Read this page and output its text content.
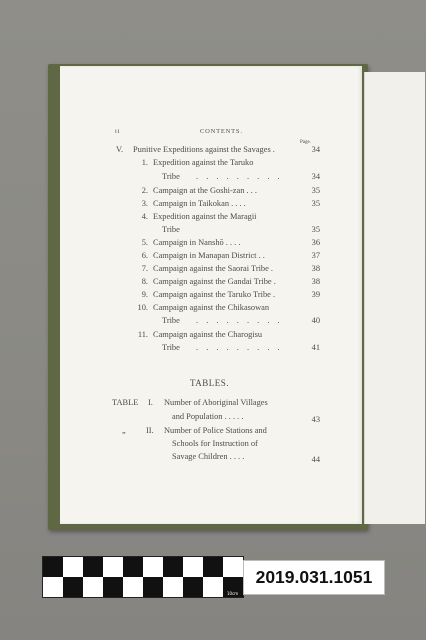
ii	CONTENTS.
Page.
V. Punitive Expeditions against the Savages .	34
1. Expedition against the Taruko
Tribe . . . . . . . . .	34
2. Campaign at the Goshi-zan . . .	35
3. Campaign in Taikokan . . . .	35
4. Expedition against the Maragii
Tribe	35
5. Campaign in Nanshō . . . .	36
6. Campaign in Manapan District . .	37
7. Campaign against the Saorai Tribe .	38
8. Campaign against the Gandai Tribe .	38
9. Campaign against the Taruko Tribe .	39
10. Campaign against the Chikasowan
Tribe . . . . . . . . .	40
11. Campaign against the Charogisu
Tribe . . . . . . . . .	41
TABLES.
TABLE I. Number of Aboriginal Villages
and Population . . . . .	43
„ II. Number of Police Stations and
Schools for Instruction of
Savage Children . . . .	44
1cm	5cm	10cm
2019.031.1051
